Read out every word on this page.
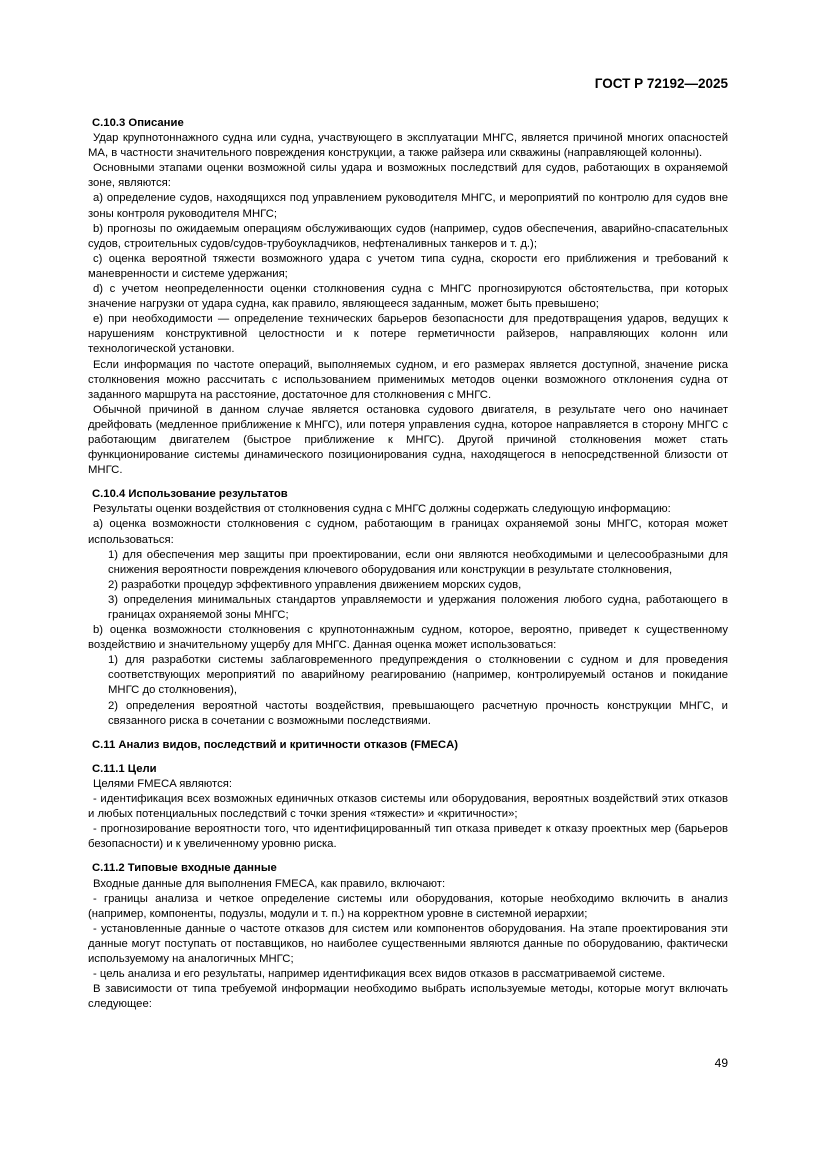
ГОСТ Р 72192—2025

С.10.3 Описание

Удар крупнотоннажного судна или судна, участвующего в эксплуатации МНГС, является причиной многих опасностей МА, в частности значительного повреждения конструкции, а также райзера или скважины (направляющей колонны).

Основными этапами оценки возможной силы удара и возможных последствий для судов, работающих в охраняемой зоне, являются:

a) определение судов, находящихся под управлением руководителя МНГС, и мероприятий по контролю для судов вне зоны контроля руководителя МНГС;

b) прогнозы по ожидаемым операциям обслуживающих судов (например, судов обеспечения, аварийно-спасательных судов, строительных судов/судов-трубоукладчиков, нефтеналивных танкеров и т. д.);

c) оценка вероятной тяжести возможного удара с учетом типа судна, скорости его приближения и требований к маневренности и системе удержания;

d) с учетом неопределенности оценки столкновения судна с МНГС прогнозируются обстоятельства, при которых значение нагрузки от удара судна, как правило, являющееся заданным, может быть превышено;

e) при необходимости — определение технических барьеров безопасности для предотвращения ударов, ведущих к нарушениям конструктивной целостности и к потере герметичности райзеров, направляющих колонн или технологической установки.

Если информация по частоте операций, выполняемых судном, и его размерах является доступной, значение риска столкновения можно рассчитать с использованием применимых методов оценки возможного отклонения судна от заданного маршрута на расстояние, достаточное для столкновения с МНГС.

Обычной причиной в данном случае является остановка судового двигателя, в результате чего оно начинает дрейфовать (медленное приближение к МНГС), или потеря управления судна, которое направляется в сторону МНГС с работающим двигателем (быстрое приближение к МНГС). Другой причиной столкновения может стать функционирование системы динамического позиционирования судна, находящегося в непосредственной близости от МНГС.

С.10.4 Использование результатов

Результаты оценки воздействия от столкновения судна с МНГС должны содержать следующую информацию:

a) оценка возможности столкновения с судном, работающим в границах охраняемой зоны МНГС, которая может использоваться:

1) для обеспечения мер защиты при проектировании, если они являются необходимыми и целесообразными для снижения вероятности повреждения ключевого оборудования или конструкции в результате столкновения,

2) разработки процедур эффективного управления движением морских судов,

3) определения минимальных стандартов управляемости и удержания положения любого судна, работающего в границах охраняемой зоны МНГС;

b) оценка возможности столкновения с крупнотоннажным судном, которое, вероятно, приведет к существенному воздействию и значительному ущербу для МНГС. Данная оценка может использоваться:

1) для разработки системы заблаговременного предупреждения о столкновении с судном и для проведения соответствующих мероприятий по аварийному реагированию (например, контролируемый останов и покидание МНГС до столкновения),

2) определения вероятной частоты воздействия, превышающего расчетную прочность конструкции МНГС, и связанного риска в сочетании с возможными последствиями.

С.11 Анализ видов, последствий и критичности отказов (FMECA)

С.11.1 Цели

Целями FMECA являются:

- идентификация всех возможных единичных отказов системы или оборудования, вероятных воздействий этих отказов и любых потенциальных последствий с точки зрения «тяжести» и «критичности»;

- прогнозирование вероятности того, что идентифицированный тип отказа приведет к отказу проектных мер (барьеров безопасности) и к увеличенному уровню риска.

С.11.2 Типовые входные данные

Входные данные для выполнения FMECA, как правило, включают:

- границы анализа и четкое определение системы или оборудования, которые необходимо включить в анализ (например, компоненты, подузлы, модули и т. п.) на корректном уровне в системной иерархии;

- установленные данные о частоте отказов для систем или компонентов оборудования. На этапе проектирования эти данные могут поступать от поставщиков, но наиболее существенными являются данные по оборудованию, фактически используемому на аналогичных МНГС;

- цель анализа и его результаты, например идентификация всех видов отказов в рассматриваемой системе.

В зависимости от типа требуемой информации необходимо выбрать используемые методы, которые могут включать следующее:

49
